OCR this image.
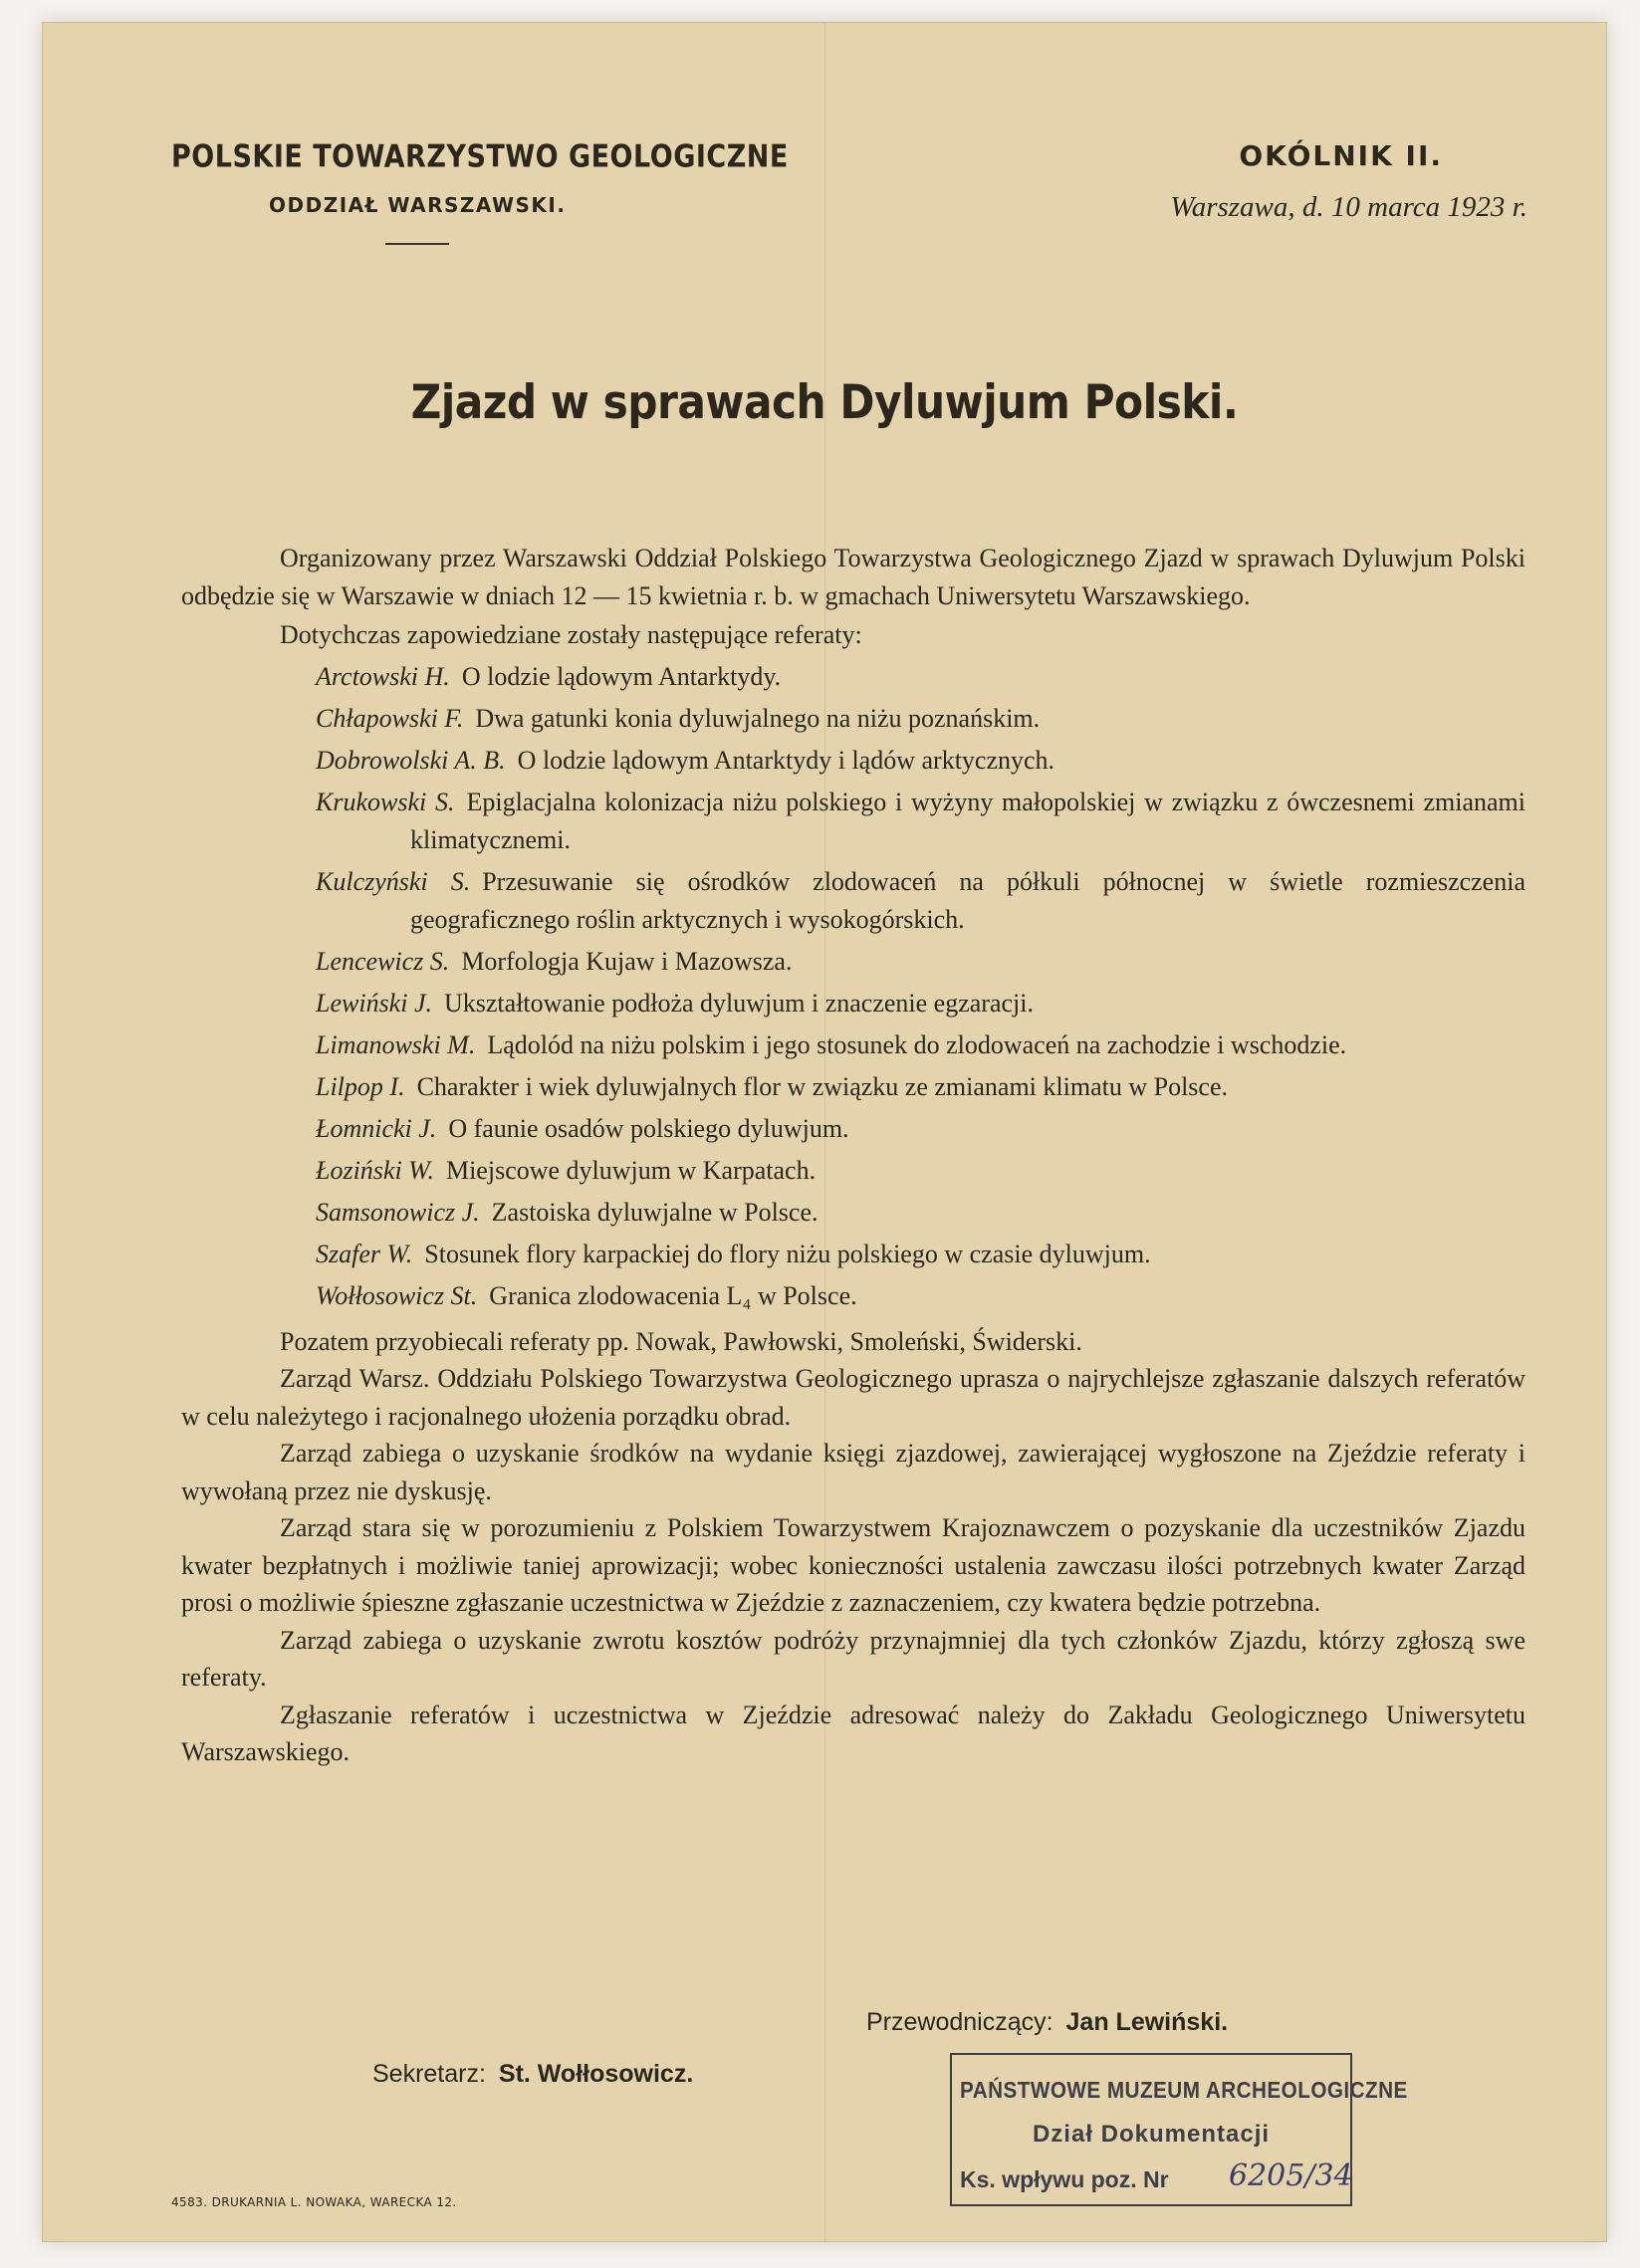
POLSKIE TOWARZYSTWO GEOLOGICZNE
ODDZIAŁ WARSZAWSKI.
OKÓLNIK II.
Warszawa, d. 10 marca 1923 r.
Zjazd w sprawach Dyluwjum Polski.

Organizowany przez Warszawski Oddział Polskiego Towarzystwa Geologicznego Zjazd w sprawach Dyluwjum Polski odbędzie się w Warszawie w dniach 12 — 15 kwietnia r. b. w gmachach Uniwersytetu Warszawskiego.

Dotychczas zapowiedziane zostały następujące referaty:

Arctowski H. O lodzie lądowym Antarktydy.

Chłapowski F. Dwa gatunki konia dyluwjalnego na niżu poznańskim.

Dobrowolski A. B. O lodzie lądowym Antarktydy i lądów arktycznych.

Krukowski S. Epiglacjalna kolonizacja niżu polskiego i wyżyny małopolskiej w związku z ówczesnemi zmianami klimatycznemi.

Kulczyński S. Przesuwanie się ośrodków zlodowaceń na półkuli północnej w świetle rozmieszczenia geograficznego roślin arktycznych i wysokogórskich.

Lencewicz S. Morfologja Kujaw i Mazowsza.

Lewiński J. Ukształtowanie podłoża dyluwjum i znaczenie egzaracji.

Limanowski M. Lądolód na niżu polskim i jego stosunek do zlodowaceń na zachodzie i wschodzie.

Lilpop I. Charakter i wiek dyluwjalnych flor w związku ze zmianami klimatu w Polsce.

Łomnicki J. O faunie osadów polskiego dyluwjum.

Łoziński W. Miejscowe dyluwjum w Karpatach.

Samsonowicz J. Zastoiska dyluwjalne w Polsce.

Szafer W. Stosunek flory karpackiej do flory niżu polskiego w czasie dyluwjum.

Wołłosowicz St. Granica zlodowacenia L₄ w Polsce.

Pozatem przyobiecali referaty pp. Nowak, Pawłowski, Smoleński, Świderski.

Zarząd Warsz. Oddziału Polskiego Towarzystwa Geologicznego uprasza o najrychlejsze zgłaszanie dalszych referatów w celu należytego i racjonalnego ułożenia porządku obrad.

Zarząd zabiega o uzyskanie środków na wydanie księgi zjazdowej, zawierającej wygłoszone na Zjeździe referaty i wywołaną przez nie dyskusję.

Zarząd stara się w porozumieniu z Polskiem Towarzystwem Krajoznawczem o pozyskanie dla uczestników Zjazdu kwater bezpłatnych i możliwie taniej aprowizacji; wobec konieczności ustalenia zawczasu ilości potrzebnych kwater Zarząd prosi o możliwie śpieszne zgłaszanie uczestnictwa w Zjeździe z zaznaczeniem, czy kwatera będzie potrzebna.

Zarząd zabiega o uzyskanie zwrotu kosztów podróży przynajmniej dla tych członków Zjazdu, którzy zgłoszą swe referaty.

Zgłaszanie referatów i uczestnictwa w Zjeździe adresować należy do Zakładu Geologicznego Uniwersytetu Warszawskiego.

Przewodniczący: Jan Lewiński.
Sekretarz: St. Wołłosowicz.
PAŃSTWOWE MUZEUM ARCHEOLOGICZNE
Dział Dokumentacji
Ks. wpływu poz. Nr 6205/34
4583. DRUKARNIA L. NOWAKA, WARECKA 12.
